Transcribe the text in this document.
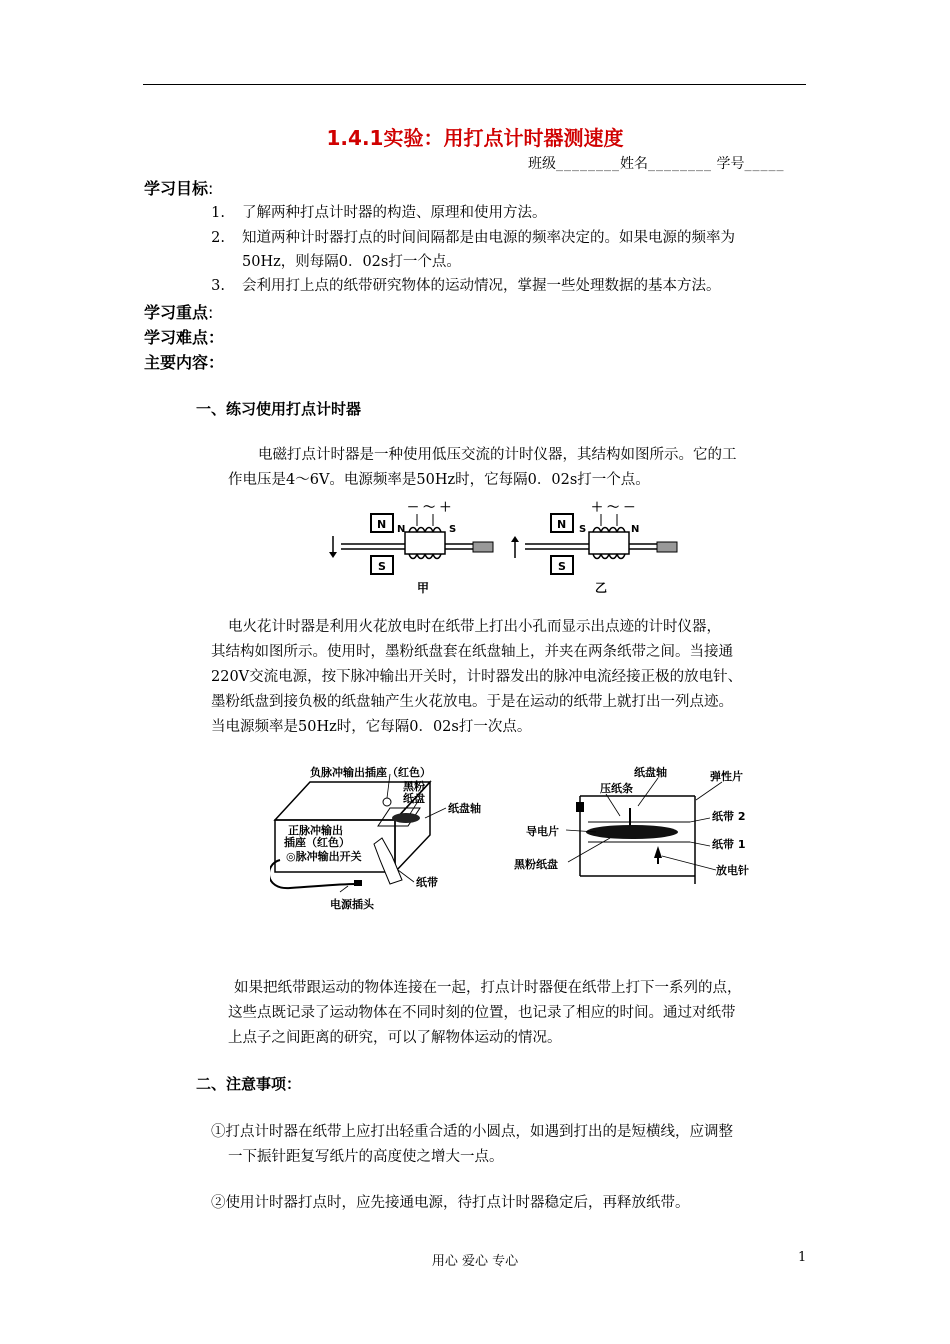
1.4.1实验：用打点计时器测速度
班级________姓名________ 学号_____
学习目标:
1. 了解两种打点计时器的构造、原理和使用方法。
2. 知道两种计时器打点的时间间隔都是由电源的频率决定的。如果电源的频率为
50Hz，则每隔0．02s打一个点。
3. 会利用打上点的纸带研究物体的运动情况，掌握一些处理数据的基本方法。
学习重点:
学习难点：
主要内容：
一、练习使用打点计时器
电磁打点计时器是一种使用低压交流的计时仪器，其结构如图所示。它的工
作电压是4～6V。电源频率是50Hz时，它每隔0．02s打一个点。
N
S
N	S
－ ～ ＋
甲
N
S
S	N
＋ ～ －
乙
电火花计时器是利用火花放电时在纸带上打出小孔而显示出点迹的计时仪器，
其结构如图所示。使用时，墨粉纸盘套在纸盘轴上，并夹在两条纸带之间。当接通
220V交流电源，按下脉冲输出开关时，计时器发出的脉冲电流经接正极的放电针、
墨粉纸盘到接负极的纸盘轴产生火花放电。于是在运动的纸带上就打出一列点迹。
当电源频率是50Hz时，它每隔0．02s打一次点。
负脉冲输出插座（红色）
黑粉
纸盘
纸盘轴
正脉冲输出
插座（红色）
◎脉冲输出开关
纸带
电源插头
纸盘轴	弹性片
压纸条
纸带 2
导电片
纸带 1
黑粉纸盘	放电针
如果把纸带跟运动的物体连接在一起，打点计时器便在纸带上打下一系列的点，
这些点既记录了运动物体在不同时刻的位置，也记录了相应的时间。通过对纸带
上点子之间距离的研究，可以了解物体运动的情况。
二、注意事项：
①打点计时器在纸带上应打出轻重合适的小圆点，如遇到打出的是短横线，应调整
一下振针距复写纸片的高度使之增大一点。
②使用计时器打点时，应先接通电源，待打点计时器稳定后，再释放纸带。
用心 爱心 专心	1
